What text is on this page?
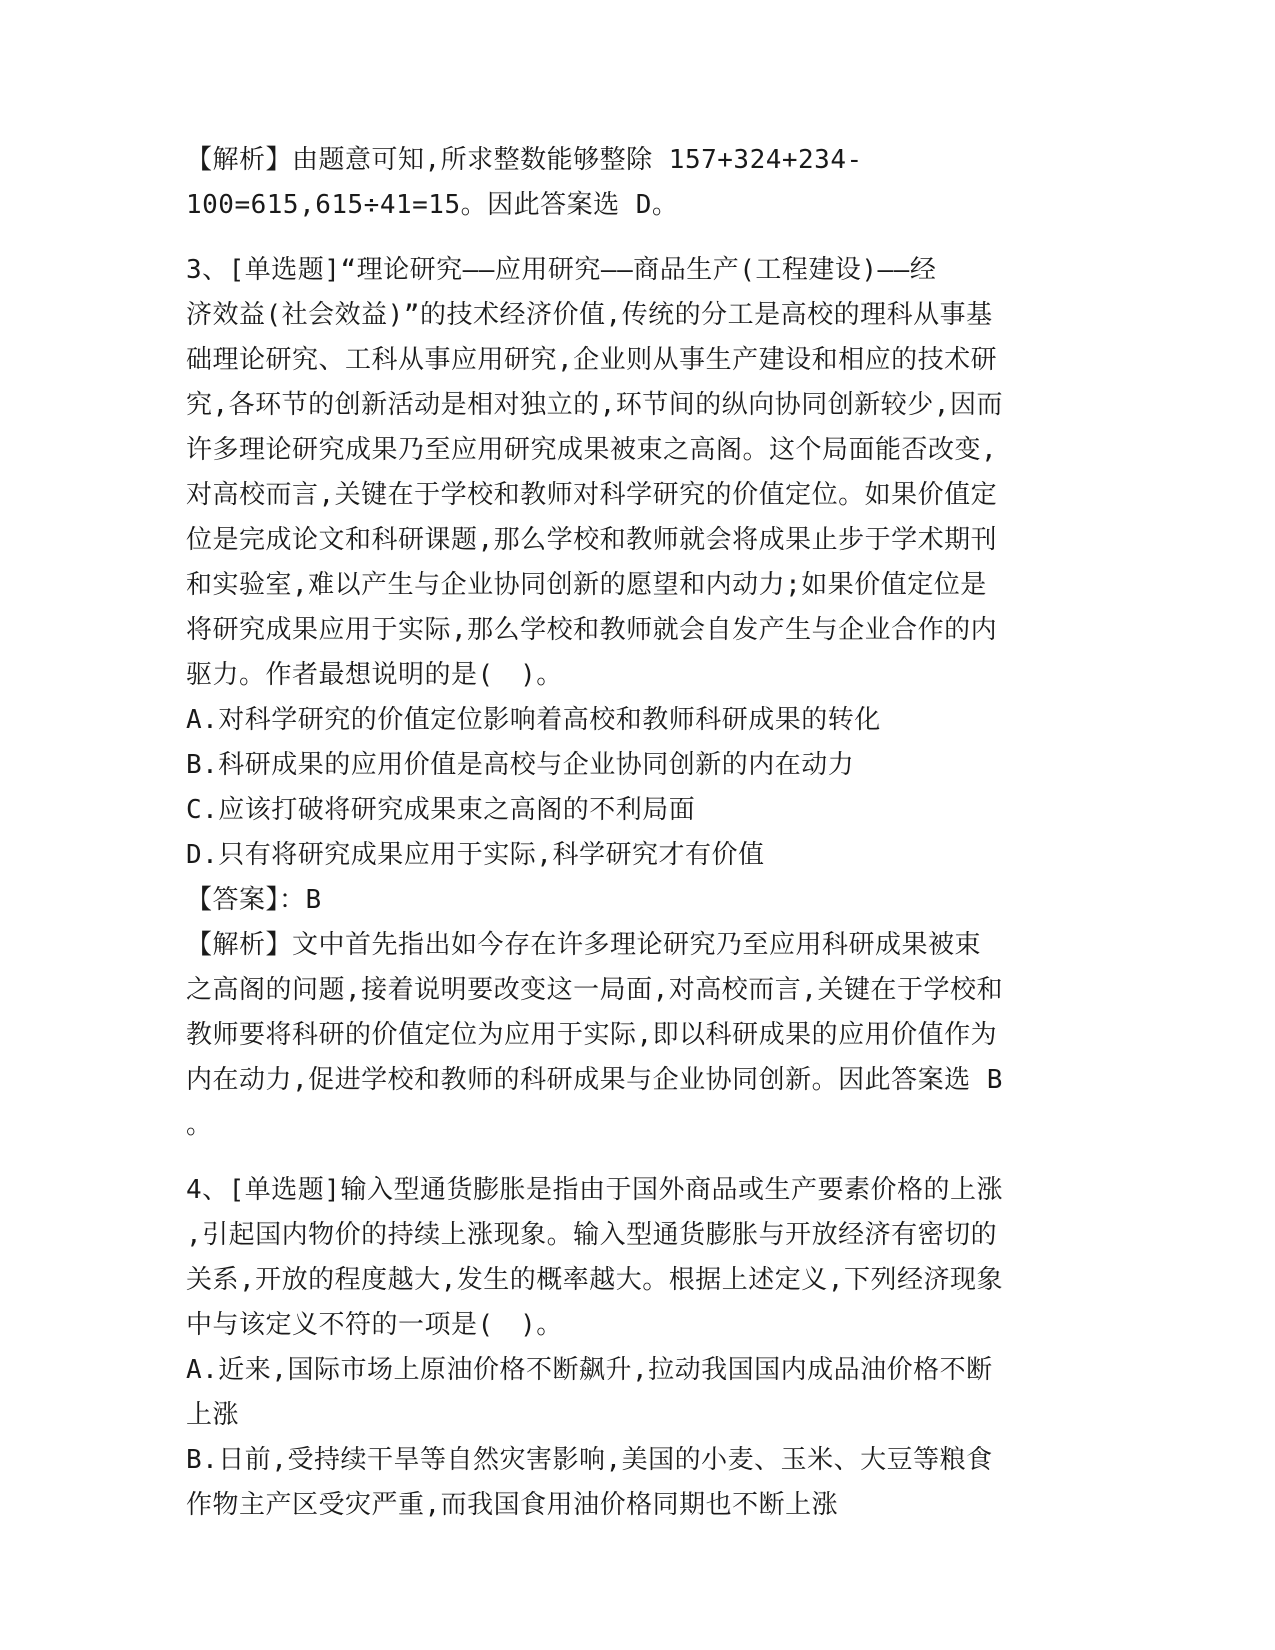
【解析】由题意可知,所求整数能够整除 157+324+234-
100=615,615÷41=15。因此答案选 D。
3、[单选题]“理论研究——应用研究——商品生产(工程建设)——经
济效益(社会效益)”的技术经济价值,传统的分工是高校的理科从事基
础理论研究、工科从事应用研究,企业则从事生产建设和相应的技术研
究,各环节的创新活动是相对独立的,环节间的纵向协同创新较少,因而
许多理论研究成果乃至应用研究成果被束之高阁。这个局面能否改变,
对高校而言,关键在于学校和教师对科学研究的价值定位。如果价值定
位是完成论文和科研课题,那么学校和教师就会将成果止步于学术期刊
和实验室,难以产生与企业协同创新的愿望和内动力;如果价值定位是
将研究成果应用于实际,那么学校和教师就会自发产生与企业合作的内
驱力。作者最想说明的是(　)。
A.对科学研究的价值定位影响着高校和教师科研成果的转化
B.科研成果的应用价值是高校与企业协同创新的内在动力
C.应该打破将研究成果束之高阁的不利局面
D.只有将研究成果应用于实际,科学研究才有价值
【答案】：B
【解析】文中首先指出如今存在许多理论研究乃至应用科研成果被束
之高阁的问题,接着说明要改变这一局面,对高校而言,关键在于学校和
教师要将科研的价值定位为应用于实际,即以科研成果的应用价值作为
内在动力,促进学校和教师的科研成果与企业协同创新。因此答案选 B
。
4、[单选题]输入型通货膨胀是指由于国外商品或生产要素价格的上涨
,引起国内物价的持续上涨现象。输入型通货膨胀与开放经济有密切的
关系,开放的程度越大,发生的概率越大。根据上述定义,下列经济现象
中与该定义不符的一项是(　)。
A.近来,国际市场上原油价格不断飙升,拉动我国国内成品油价格不断
上涨
B.日前,受持续干旱等自然灾害影响,美国的小麦、玉米、大豆等粮食
作物主产区受灾严重,而我国食用油价格同期也不断上涨
